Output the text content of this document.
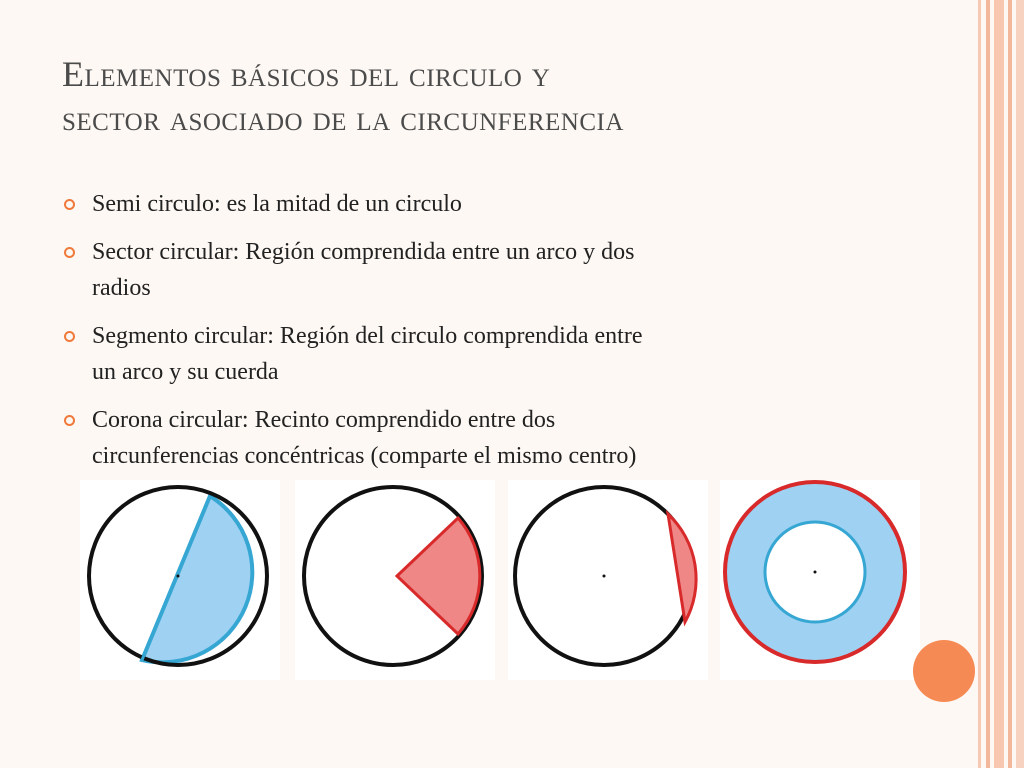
Elementos básicos del circulo y
sector asociado de la circunferencia
Semi circulo: es la mitad de un circulo
Sector circular: Región comprendida entre un arco y dos
radios
Segmento circular: Región del circulo comprendida entre
un arco y su cuerda
Corona circular: Recinto comprendido entre dos
circunferencias concéntricas (comparte el mismo centro)
